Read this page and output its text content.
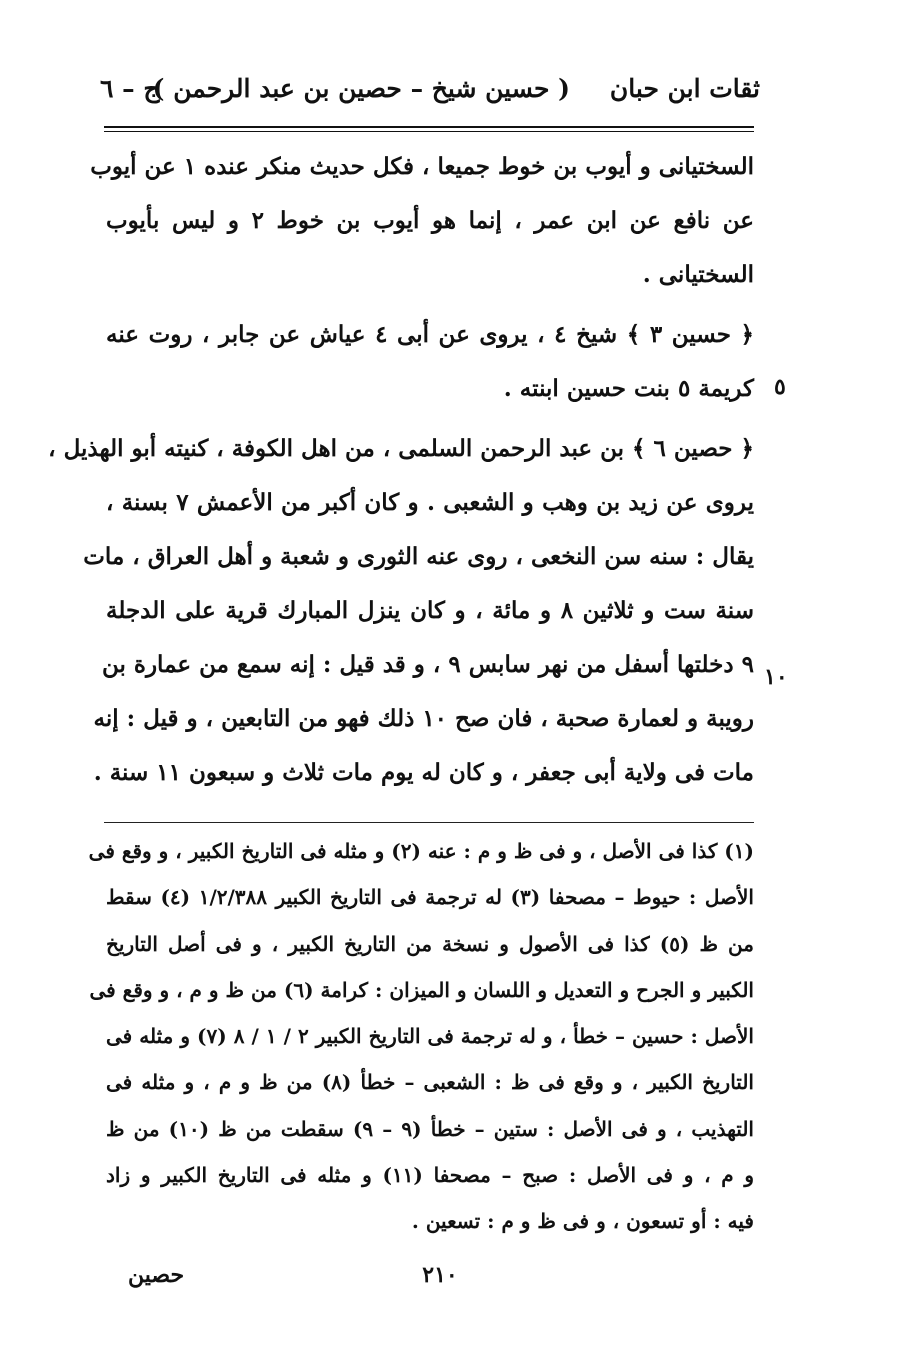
ثقات ابن حبان
( حسين شيخ – حصين بن عبد الرحمن )
ج – ٦
السختيانى و أيوب بن خوط جميعا ، فكل حديث منكر عنده ١ عن أيوب
عن نافع عن ابن عمر ، إنما هو أيوب بن خوط ٢ و ليس بأيوب
السختيانى .
﴿ حسين ٣ ﴾ شيخ ٤ ، يروى عن أبى ٤ عياش عن جابر ، روت عنه
كريمة ٥ بنت حسين ابنته .
﴿ حصين ٦ ﴾ بن عبد الرحمن السلمى ، من اهل الكوفة ، كنيته أبو الهذيل ،
يروى عن زيد بن وهب و الشعبى . و كان أكبر من الأعمش ٧ بسنة ،
يقال : سنه سن النخعى ، روى عنه الثورى و شعبة و أهل العراق ، مات
سنة ست و ثلاثين ٨ و مائة ، و كان ينزل المبارك قرية على الدجلة
٩ دخلتها أسفل من نهر سابس ٩ ، و قد قيل : إنه سمع من عمارة بن
رويبة و لعمارة صحبة ، فان صح ١٠ ذلك فهو من التابعين ، و قيل : إنه
مات فى ولاية أبى جعفر ، و كان له يوم مات ثلاث و سبعون ١١ سنة .
٥
١٠
(١) كذا فى الأصل ، و فى ظ و م : عنه (٢) و مثله فى التاريخ الكبير ، و وقع فى
الأصل : حيوط – مصحفا (٣) له ترجمة فى التاريخ الكبير ١/٢/٣٨٨ (٤) سقط
من ظ (٥) كذا فى الأصول و نسخة من التاريخ الكبير ، و فى أصل التاريخ
الكبير و الجرح و التعديل و اللسان و الميزان : كرامة (٦) من ظ و م ، و وقع فى
الأصل : حسين – خطأ ، و له ترجمة فى التاريخ الكبير ٢ / ١ / ٨ (٧) و مثله فى
التاريخ الكبير ، و وقع فى ظ : الشعبى – خطأ (٨) من ظ و م ، و مثله فى
التهذيب ، و فى الأصل : ستين – خطأ (٩ – ٩) سقطت من ظ (١٠) من ظ
و م ، و فى الأصل : صبح – مصحفا (١١) و مثله فى التاريخ الكبير و زاد
فيه : أو تسعون ، و فى ظ و م : تسعين .
٢١٠
حصين
